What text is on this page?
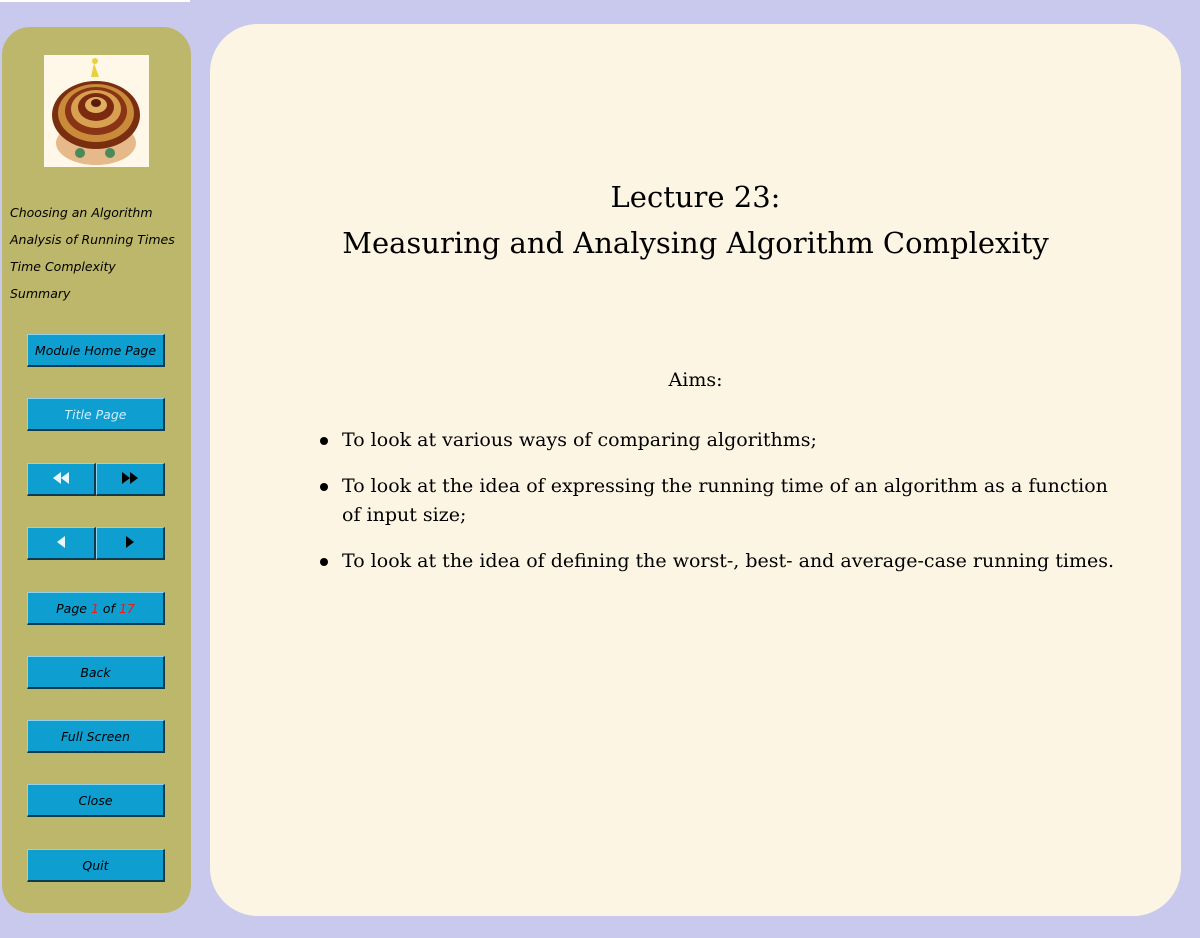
Choosing an Algorithm
Analysis of Running Times
Time Complexity
Summary
Module Home Page
Title Page
Page
1
of
17
Back
Full Screen
Close
Quit
Lecture 23:
Measuring and Analysing Algorithm Complexity
Aims:
To look at various ways of comparing algorithms;
To look at the idea of expressing the running time of an algorithm as a function of input size;
To look at the idea of defining the worst-, best- and average-case running times.
